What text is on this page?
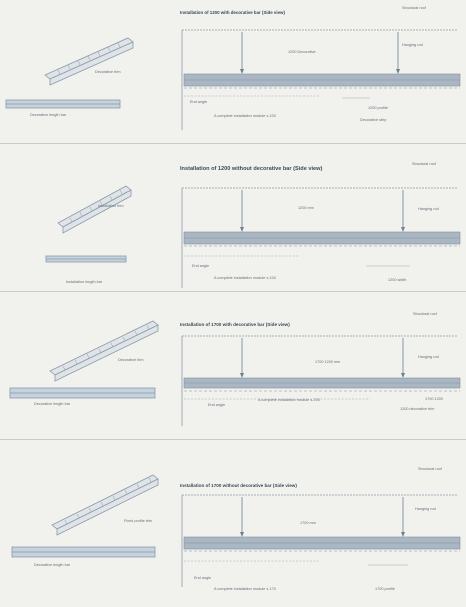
Decorative trim
Decorative length bar
Installation of 1200 with decorative bar (Side view)
Structural roof
Hanging rod
1200 Decorative
End angle
A complete installation module ≤ 100
1200 profile
Decorative strip
Installation trim
Installation length bar
Installation of 1200 without decorative bar (Side view)
Structural roof
Hanging rod
1200 mm
End angle
A complete installation module ≤ 100	1200 width
Decorative trim
Decorative length bar
Installation of 1700 with decorative bar (Side view)
Structural roof
Hanging rod
1700 1200 mm
End angle
A complete installation module ≤ 200	1700 1200
1200 decorative trim
Fixed profile trim
Decorative length bar
Installation of 1700 without decorative bar (Side view)
Structural roof
Hanging rod
1700 mm
End angle
A complete installation module ≤ 170	1700 profile
